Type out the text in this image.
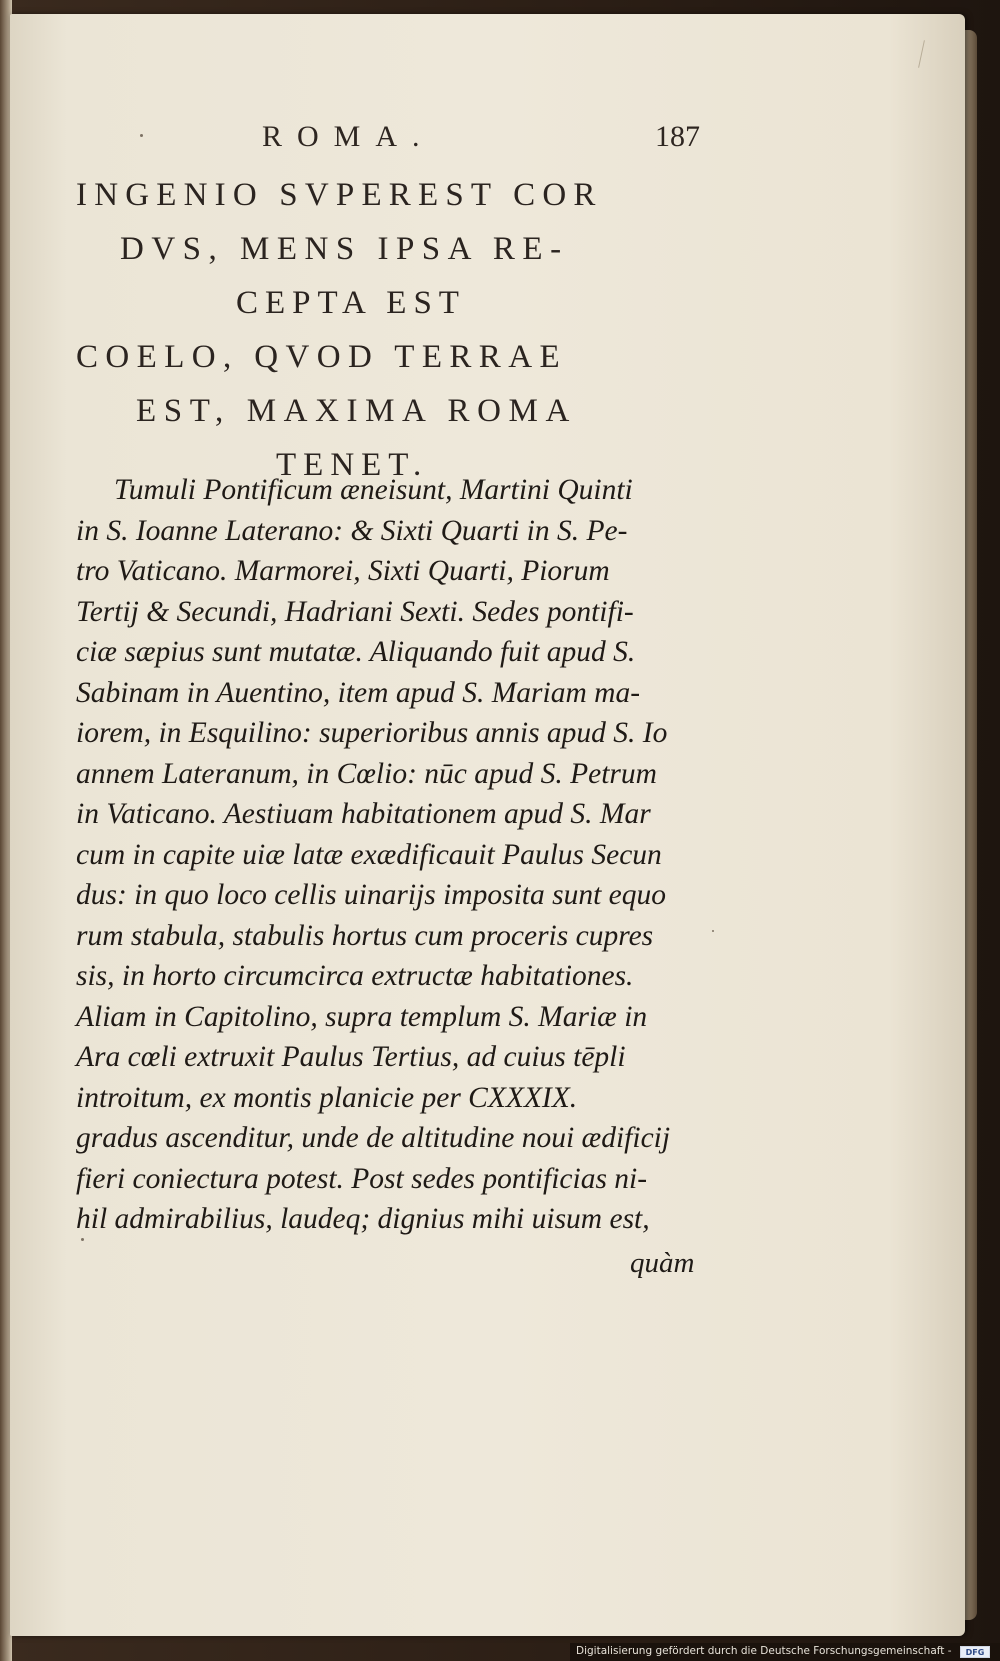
ROMA.	187
INGENIO SVPEREST COR
DVS, MENS IPSA RE-
CEPTA EST
COELO, QVOD TERRAE
EST, MAXIMA ROMA
TENET.
Tumuli Pontificum æneisunt, Martini Quinti
in S. Ioanne Laterano: & Sixti Quarti in S. Pe-
tro Vaticano. Marmorei, Sixti Quarti, Piorum
Tertij & Secundi, Hadriani Sexti. Sedes pontifi-
ciæ sæpius sunt mutatæ. Aliquando fuit apud S.
Sabinam in Auentino, item apud S. Mariam ma-
iorem, in Esquilino: superioribus annis apud S. Io
annem Lateranum, in Cœlio: nūc apud S. Petrum
in Vaticano. Aestiuam habitationem apud S. Mar
cum in capite uiæ latæ exædificauit Paulus Secun
dus: in quo loco cellis uinarijs imposita sunt equo
rum stabula, stabulis hortus cum proceris cupres
sis, in horto circumcirca extructæ habitationes.
Aliam in Capitolino, supra templum S. Mariæ in
Ara cœli extruxit Paulus Tertius, ad cuius tēpli
introitum, ex montis planicie per CXXXIX.
gradus ascenditur, unde de altitudine noui ædificij
fieri coniectura potest. Post sedes pontificias ni-
hil admirabilius, laudeq; dignius mihi uisum est,
quàm
Digitalisierung gefördert durch die Deutsche Forschungsgemeinschaft -	DFG
